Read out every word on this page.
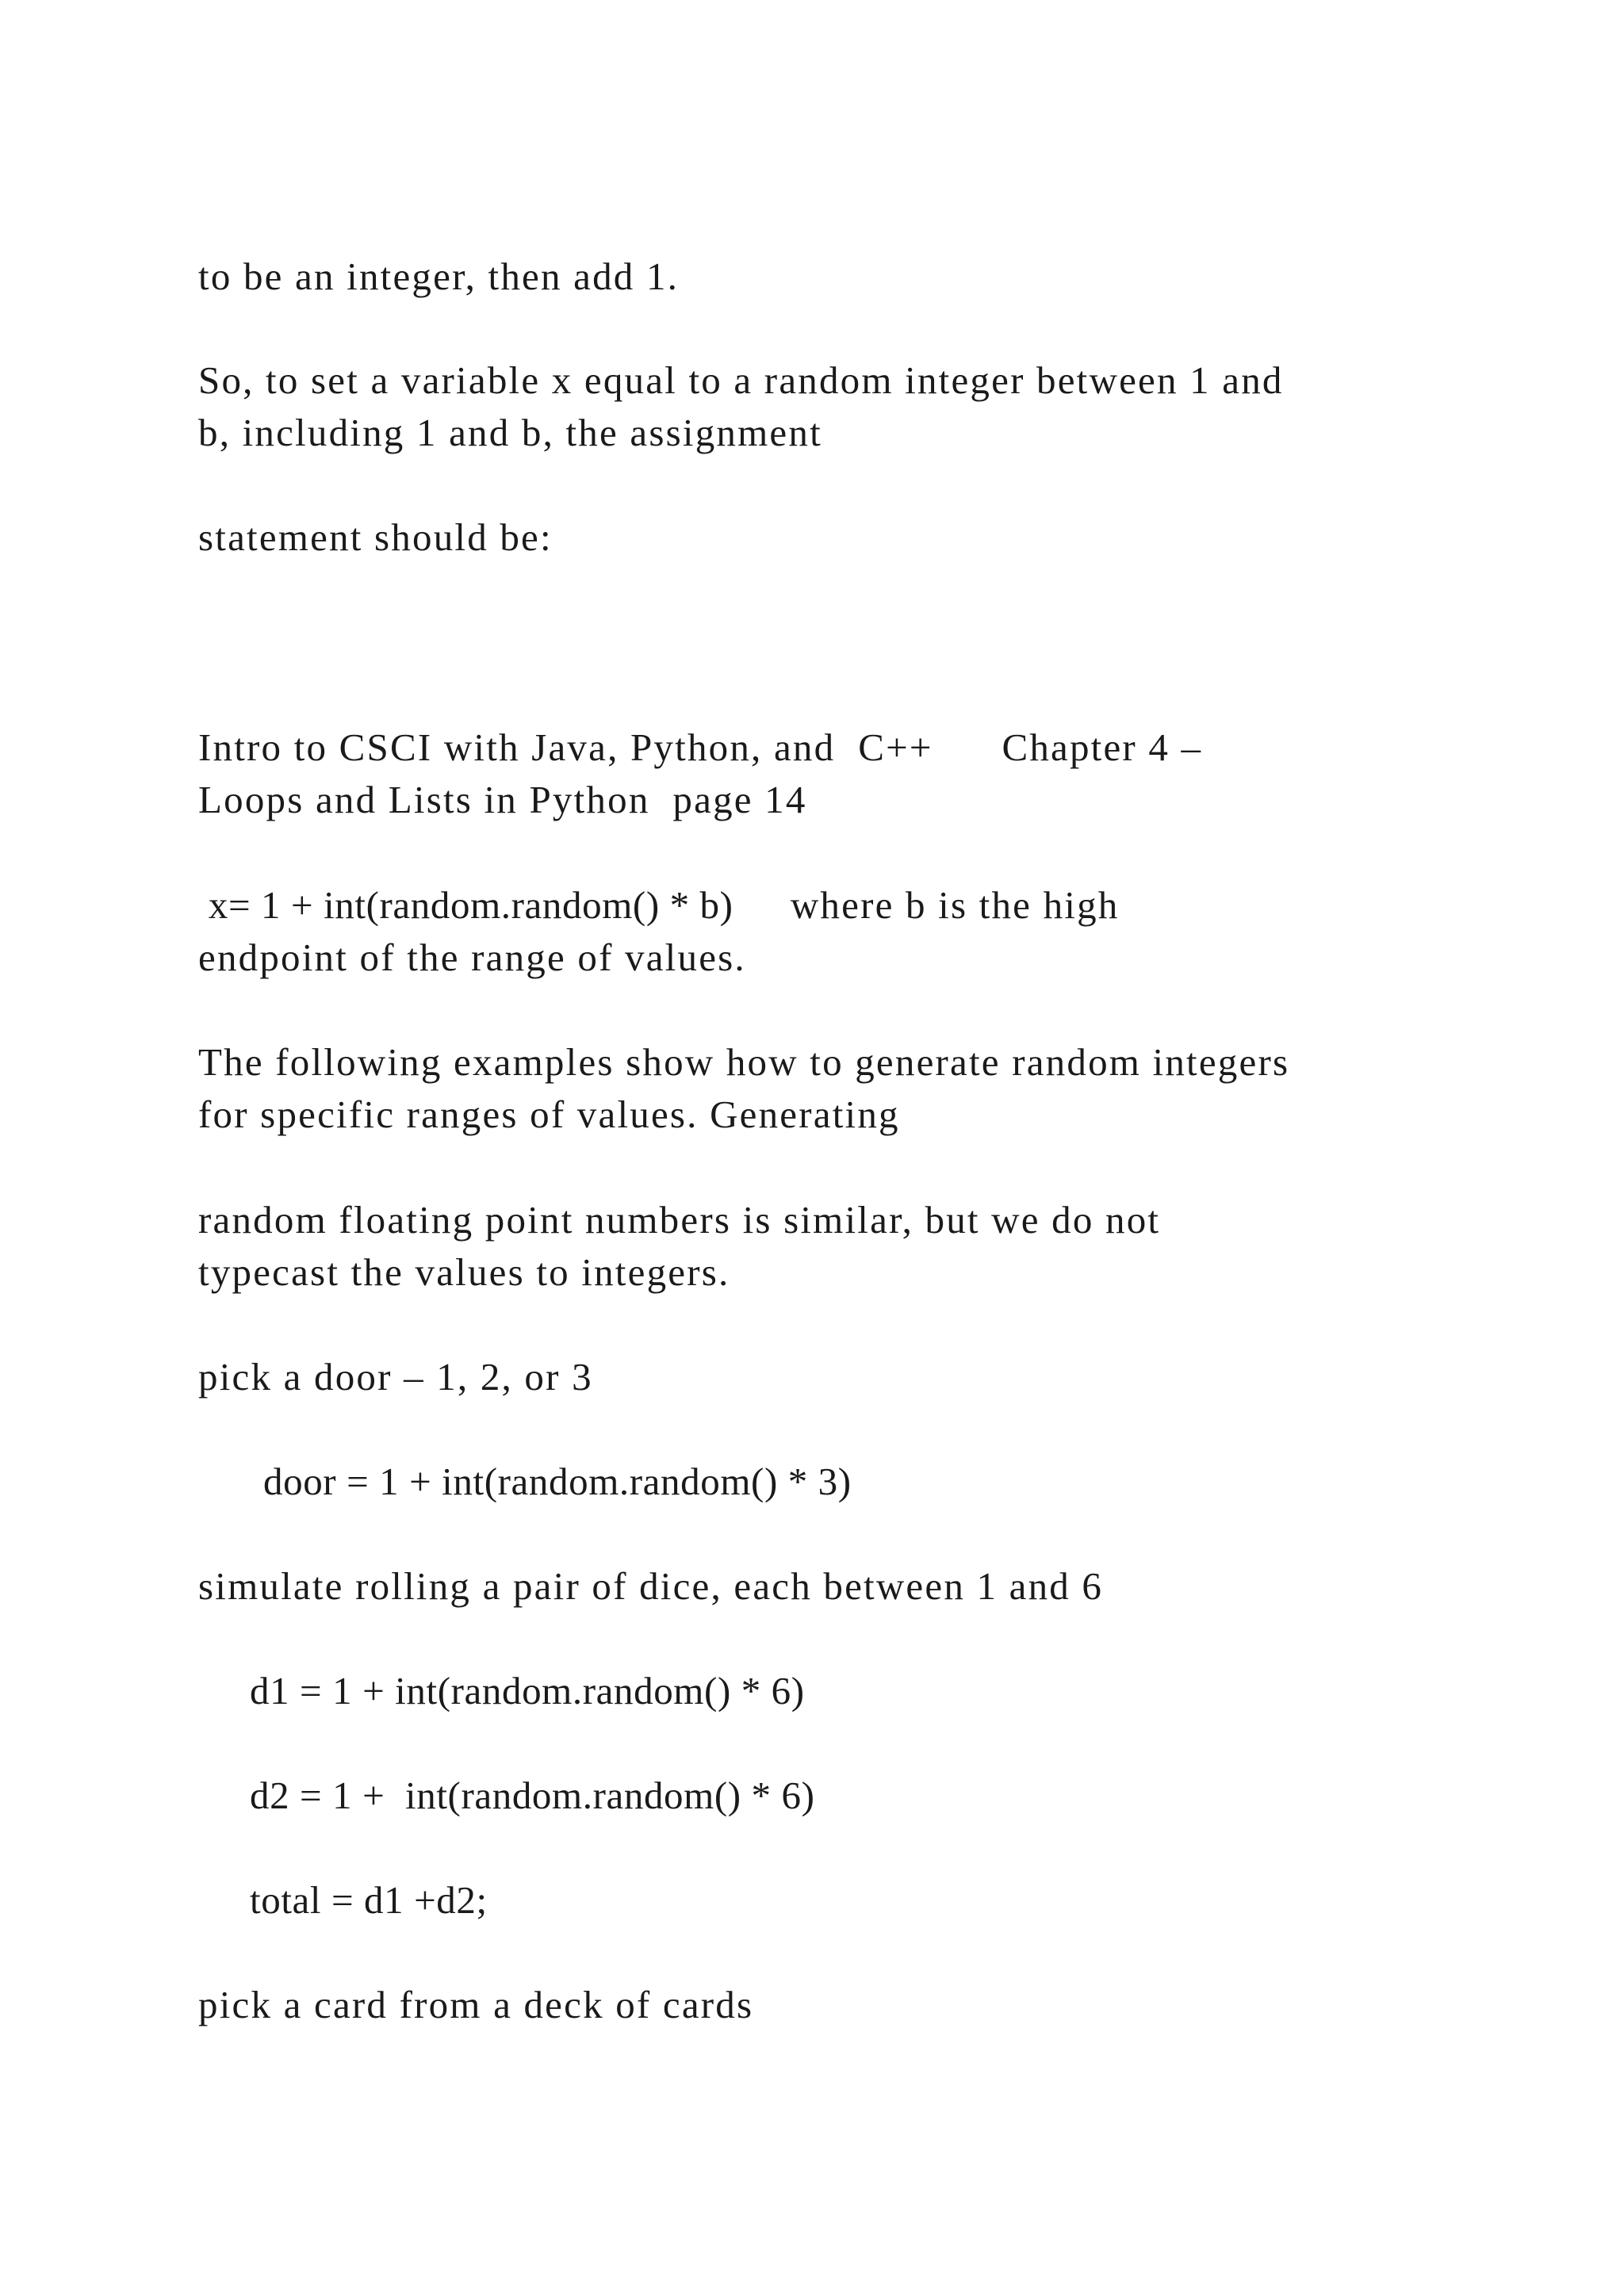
to be an integer, then add 1.

So, to set a variable x equal to a random integer between 1 and

b, including 1 and b, the assignment

statement should be:

Intro to CSCI with Java, Python, and  C++      Chapter 4 –

Loops and Lists in Python  page 14

x= 1 + int(random.random() * b)     where b is the high

endpoint of the range of values.

The following examples show how to generate random integers

for specific ranges of values. Generating

random floating point numbers is similar, but we do not

typecast the values to integers.

pick a door – 1, 2, or 3

door = 1 + int(random.random() * 3)

simulate rolling a pair of dice, each between 1 and 6

d1 = 1 + int(random.random() * 6)

d2 = 1 +  int(random.random() * 6)

total = d1 +d2;

pick a card from a deck of cards
